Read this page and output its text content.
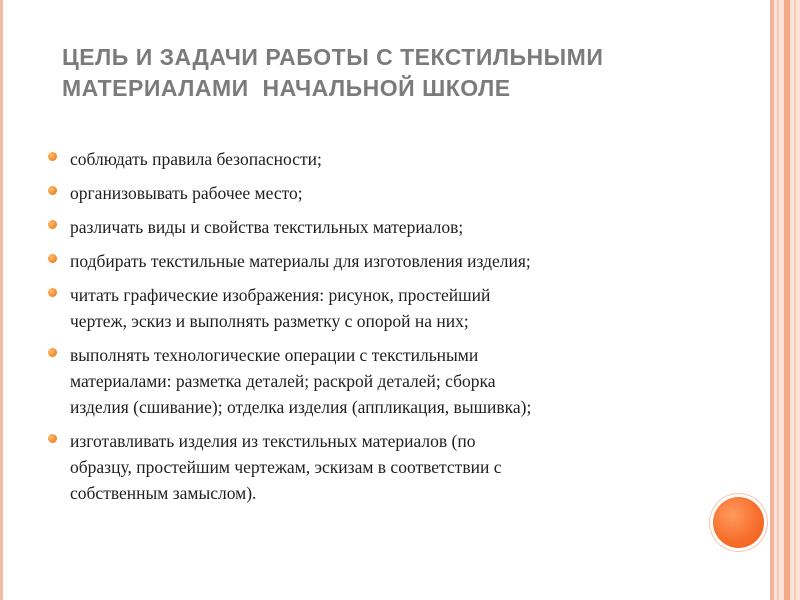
ЦЕЛЬ И ЗАДАЧИ РАБОТЫ С ТЕКСТИЛЬНЫМИ
МАТЕРИАЛАМИ  НАЧАЛЬНОЙ ШКОЛЕ
соблюдать правила безопасности;
организовывать рабочее место;
различать виды и свойства текстильных материалов;
подбирать текстильные материалы для изготовления изделия;
читать графические изображения: рисунок, простейший
чертеж, эскиз и выполнять разметку с опорой на них;
выполнять технологические операции с текстильными
материалами: разметка деталей; раскрой деталей; сборка
изделия (сшивание); отделка изделия (аппликация, вышивка);
изготавливать изделия из текстильных материалов (по
образцу, простейшим чертежам, эскизам в соответствии с
собственным замыслом).
